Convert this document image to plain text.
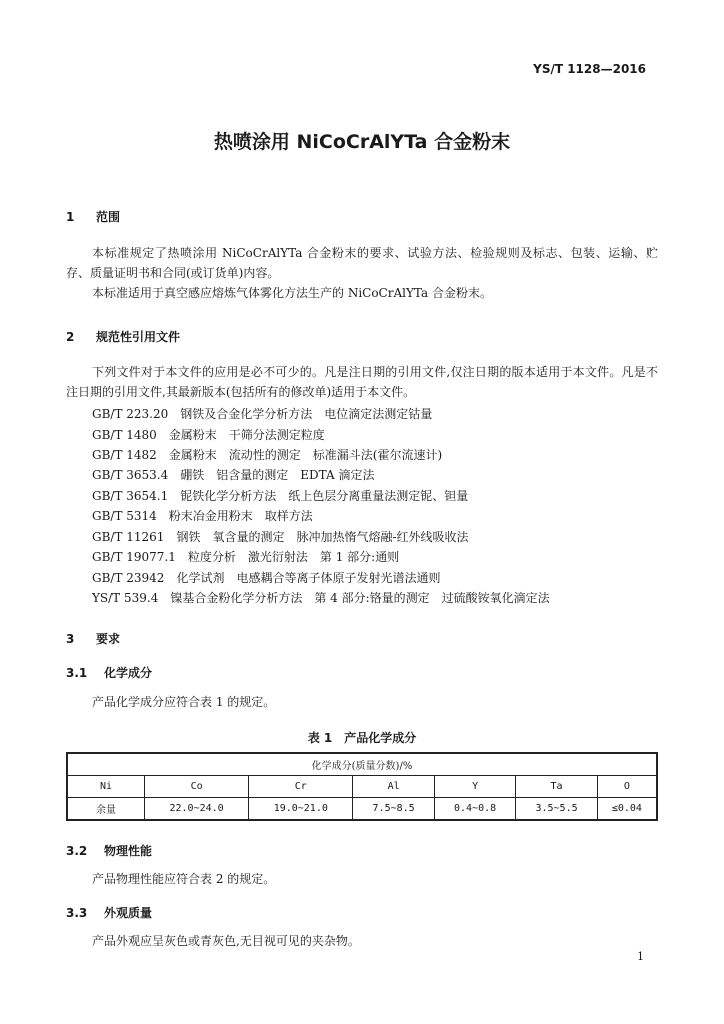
YS/T 1128—2016
热喷涂用 NiCoCrAlYTa 合金粉末
1 范围
本标准规定了热喷涂用 NiCoCrAlYTa 合金粉末的要求、试验方法、检验规则及标志、包装、运输、贮存、质量证明书和合同(或订货单)内容。
本标准适用于真空感应熔炼气体雾化方法生产的 NiCoCrAlYTa 合金粉末。
2 规范性引用文件
下列文件对于本文件的应用是必不可少的。凡是注日期的引用文件,仅注日期的版本适用于本文件。凡是不注日期的引用文件,其最新版本(包括所有的修改单)适用于本文件。
GB/T 223.20　钢铁及合金化学分析方法　电位滴定法测定钴量
GB/T 1480　金属粉末　干筛分法测定粒度
GB/T 1482　金属粉末　流动性的测定　标准漏斗法(霍尔流速计)
GB/T 3653.4　硼铁　铝含量的测定　EDTA 滴定法
GB/T 3654.1　铌铁化学分析方法　纸上色层分离重量法测定铌、钽量
GB/T 5314　粉末冶金用粉末　取样方法
GB/T 11261　钢铁　氧含量的测定　脉冲加热惰气熔融-红外线吸收法
GB/T 19077.1　粒度分析　激光衍射法　第 1 部分:通则
GB/T 23942　化学试剂　电感耦合等离子体原子发射光谱法通则
YS/T 539.4　镍基合金粉化学分析方法　第 4 部分:铬量的测定　过硫酸铵氧化滴定法
3 要求
3.1 化学成分
产品化学成分应符合表 1 的规定。
表 1　产品化学成分
化学成分(质量分数)/%						
Ni	Co	Cr	Al	Y	Ta	O
余量	22.0~24.0	19.0~21.0	7.5~8.5	0.4~0.8	3.5~5.5	≤0.04
3.2 物理性能
产品物理性能应符合表 2 的规定。
3.3 外观质量
产品外观应呈灰色或青灰色,无目视可见的夹杂物。
1
